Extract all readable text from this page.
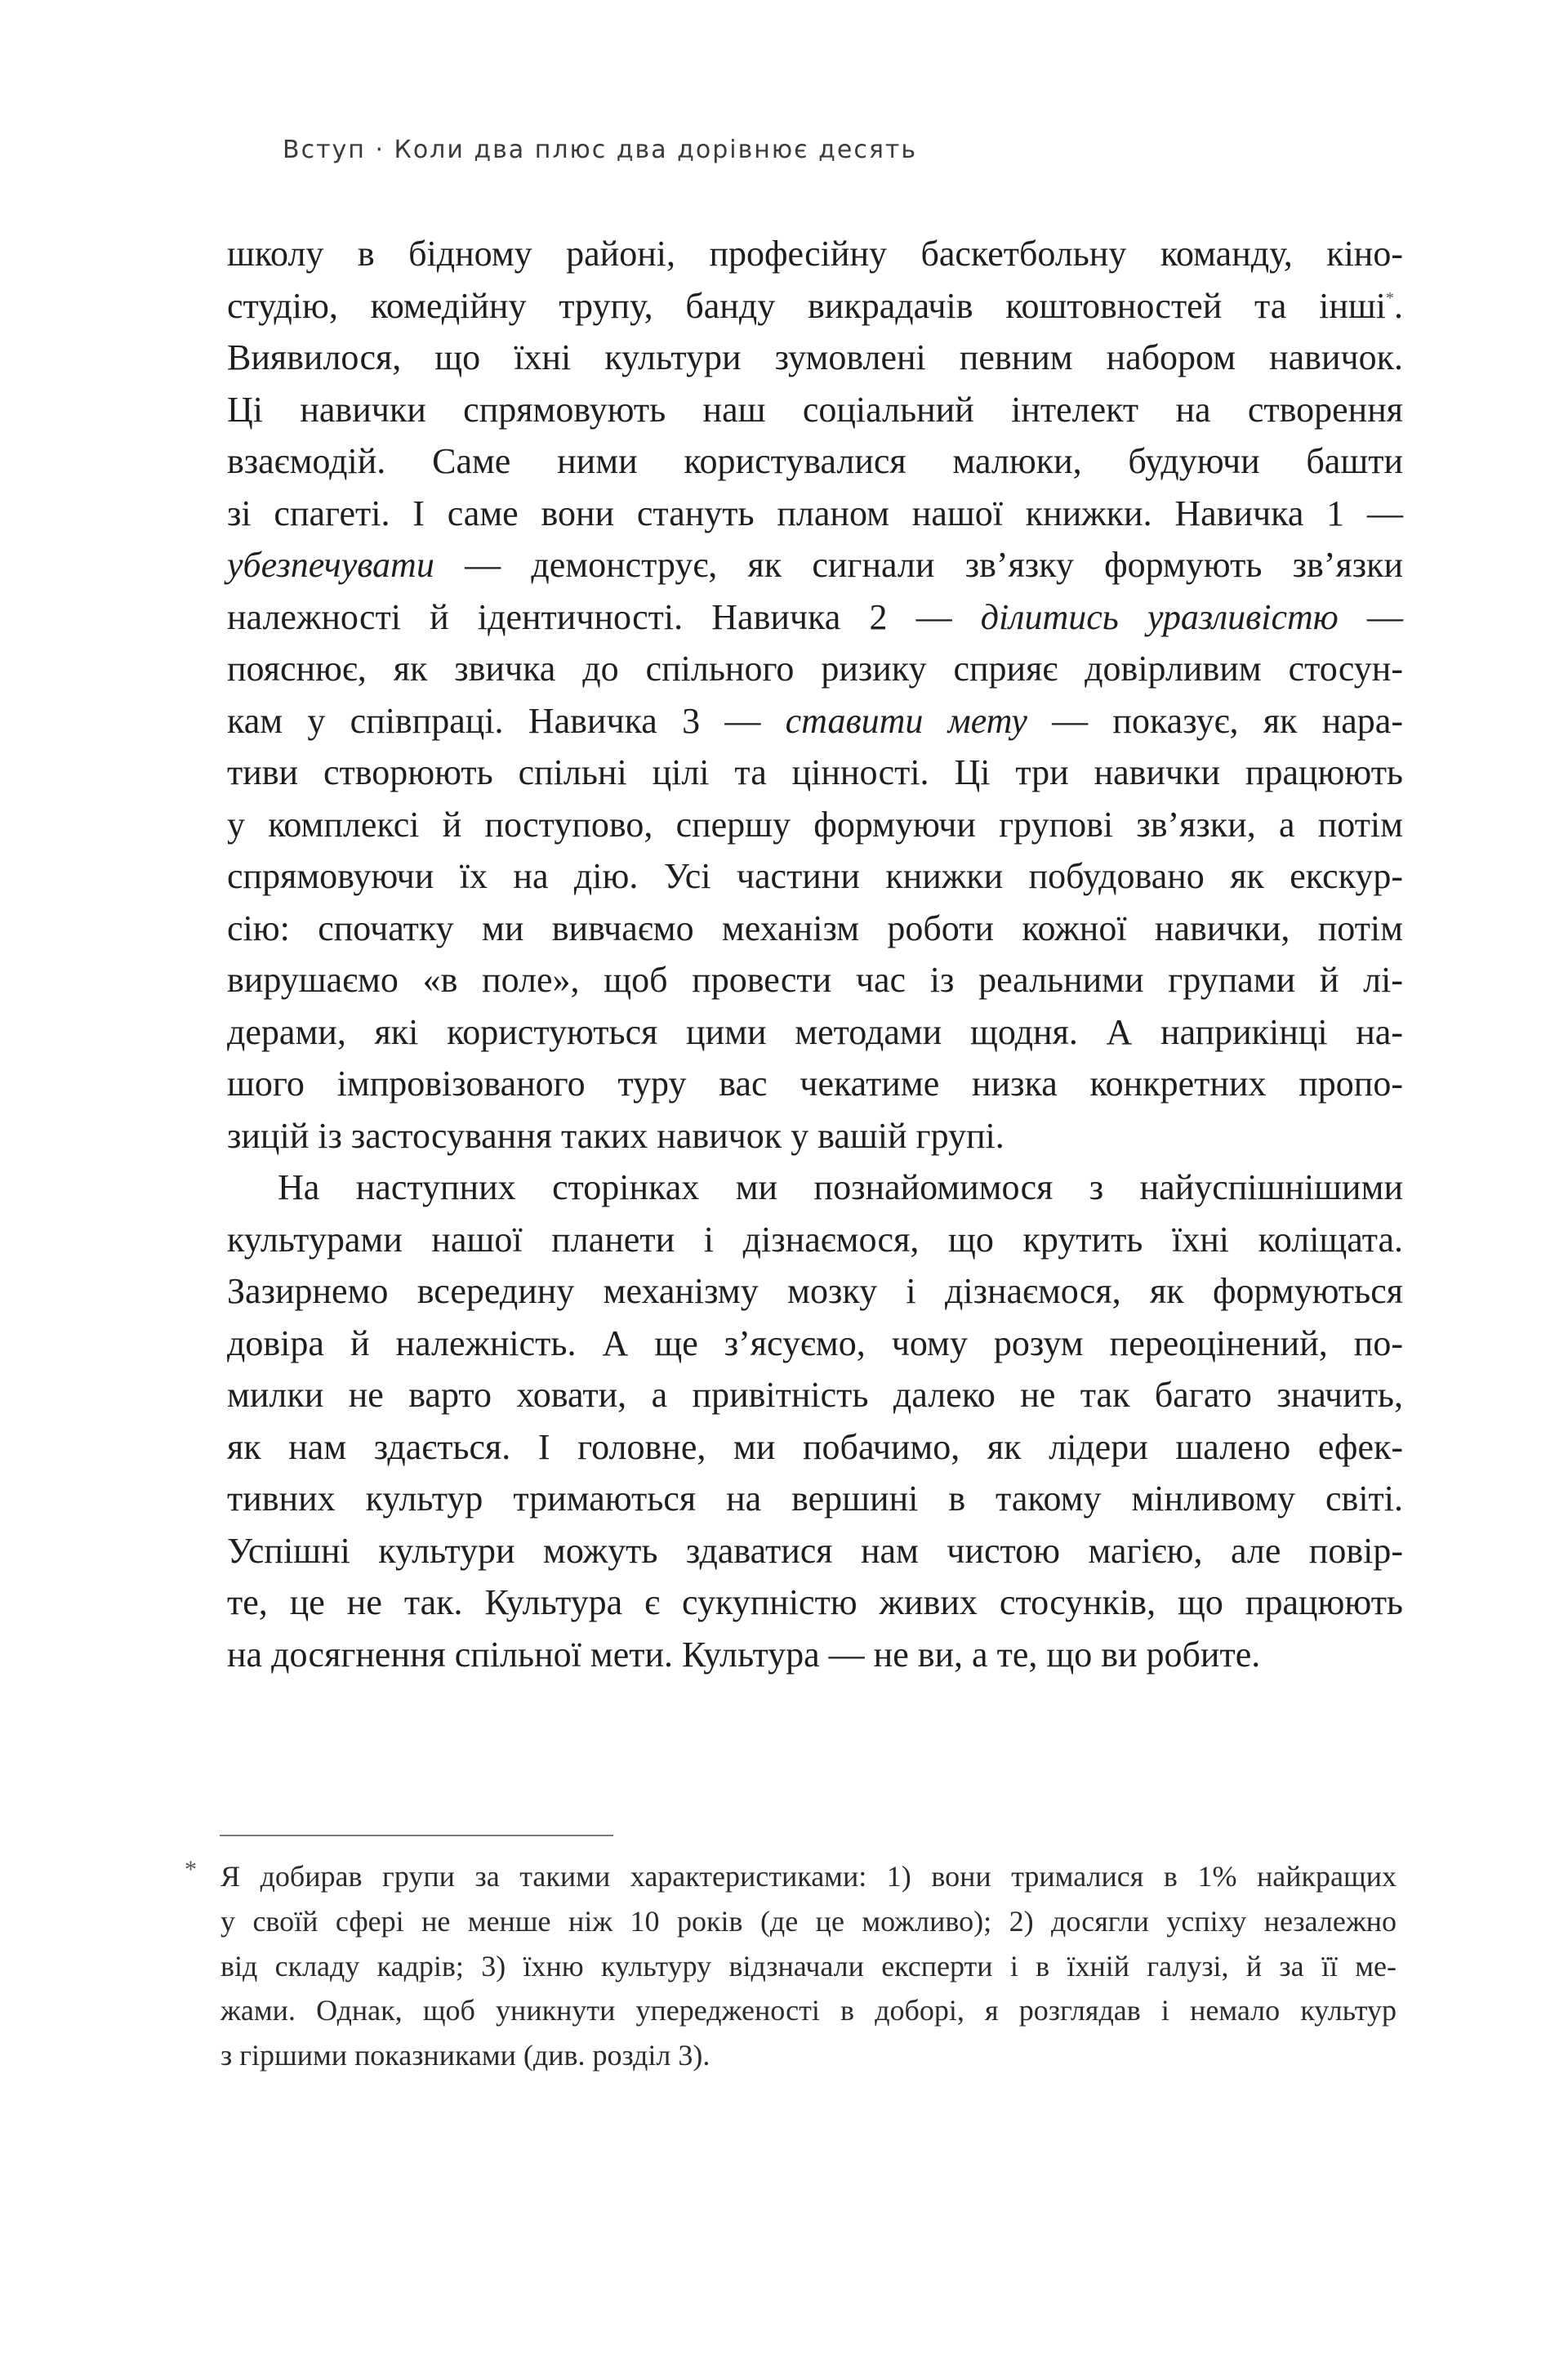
Вступ · Коли два плюс два дорівнює десять
школу в бідному районі, професійну баскетбольну команду, кіно-
студію, комедійну трупу, банду викрадачів коштовностей та інші*.
Виявилося, що їхні культури зумовлені певним набором навичок.
Ці навички спрямовують наш соціальний інтелект на створення
взаємодій. Саме ними користувалися малюки, будуючи башти
зі спагеті. І саме вони стануть планом нашої книжки. Навичка 1 —
убезпечувати — демонструє, як сигнали зв’язку формують зв’язки
належності й ідентичності. Навичка 2 — ділитись уразливістю —
пояснює, як звичка до спільного ризику сприяє довірливим стосун-
кам у співпраці. Навичка 3 — ставити мету — показує, як нара-
тиви створюють спільні цілі та цінності. Ці три навички працюють
у комплексі й поступово, спершу формуючи групові зв’язки, а потім
спрямовуючи їх на дію. Усі частини книжки побудовано як екскур-
сію: спочатку ми вивчаємо механізм роботи кожної навички, потім
вирушаємо «в поле», щоб провести час із реальними групами й лі-
дерами, які користуються цими методами щодня. А наприкінці на-
шого імпровізованого туру вас чекатиме низка конкретних пропо-
зицій із застосування таких навичок у вашій групі.
На наступних сторінках ми познайомимося з найуспішнішими
культурами нашої планети і дізнаємося, що крутить їхні коліщата.
Зазирнемо всередину механізму мозку і дізнаємося, як формуються
довіра й належність. А ще з’ясуємо, чому розум переоцінений, по-
милки не варто ховати, а привітність далеко не так багато значить,
як нам здається. І головне, ми побачимо, як лідери шалено ефек-
тивних культур тримаються на вершині в такому мінливому світі.
Успішні культури можуть здаватися нам чистою магією, але повір-
те, це не так. Культура є сукупністю живих стосунків, що працюють
на досягнення спільної мети. Культура — не ви, а те, що ви робите.
* Я добирав групи за такими характеристиками: 1) вони трималися в 1% найкращих
у своїй сфері не менше ніж 10 років (де це можливо); 2) досягли успіху незалежно
від складу кадрів; 3) їхню культуру відзначали експерти і в їхній галузі, й за її ме-
жами. Однак, щоб уникнути упередженості в доборі, я розглядав і немало культур
з гіршими показниками (див. розділ 3).
